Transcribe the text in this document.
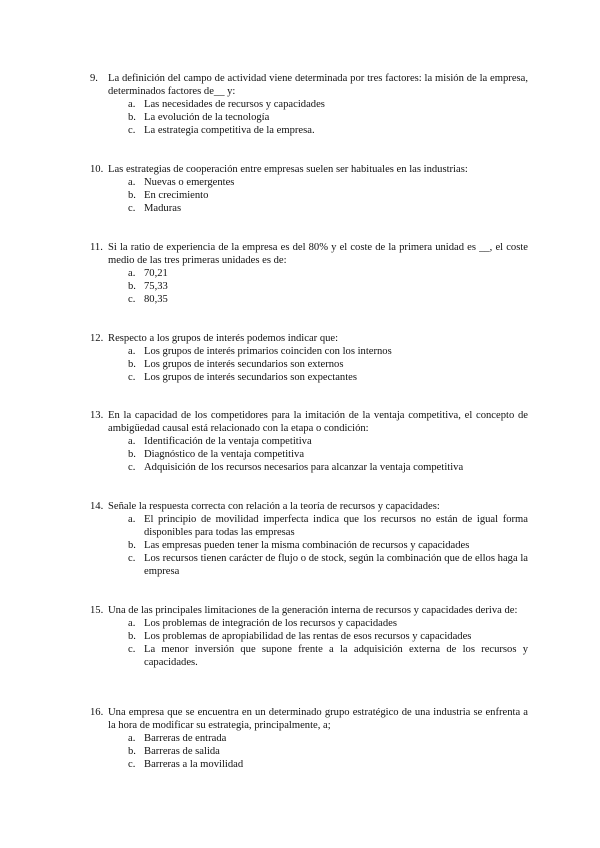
9. La definición del campo de actividad viene determinada por tres factores: la misión de la empresa, determinados factores de__ y:
a. Las necesidades de recursos y capacidades
b. La evolución de la tecnología
c. La estrategia competitiva de la empresa.
10. Las estrategias de cooperación entre empresas suelen ser habituales en las industrias:
a. Nuevas o emergentes
b. En crecimiento
c. Maduras
11. Si la ratio de experiencia de la empresa es del 80% y el coste de la primera unidad es __, el coste medio de las tres primeras unidades es de:
a. 70,21
b. 75,33
c. 80,35
12. Respecto a los grupos de interés podemos indicar que:
a. Los grupos de interés primarios coinciden con los internos
b. Los grupos de interés secundarios son externos
c. Los grupos de interés secundarios son expectantes
13. En la capacidad de los competidores para la imitación de la ventaja competitiva, el concepto de ambigüedad causal está relacionado con la etapa o condición:
a. Identificación de la ventaja competitiva
b. Diagnóstico de la ventaja competitiva
c. Adquisición de los recursos necesarios para alcanzar la ventaja competitiva
14. Señale la respuesta correcta con relación a la teoría de recursos y capacidades:
a. El principio de movilidad imperfecta indica que los recursos no están de igual forma disponibles para todas las empresas
b. Las empresas pueden tener la misma combinación de recursos y capacidades
c. Los recursos tienen carácter de flujo o de stock, según la combinación que de ellos haga la empresa
15. Una de las principales limitaciones de la generación interna de recursos y capacidades deriva de:
a. Los problemas de integración de los recursos y capacidades
b. Los problemas de apropiabilidad de las rentas de esos recursos y capacidades
c. La menor inversión que supone frente a la adquisición externa de los recursos y capacidades.
16. Una empresa que se encuentra en un determinado grupo estratégico de una industria se enfrenta a la hora de modificar su estrategia, principalmente, a;
a. Barreras de entrada
b. Barreras de salida
c. Barreras a la movilidad
